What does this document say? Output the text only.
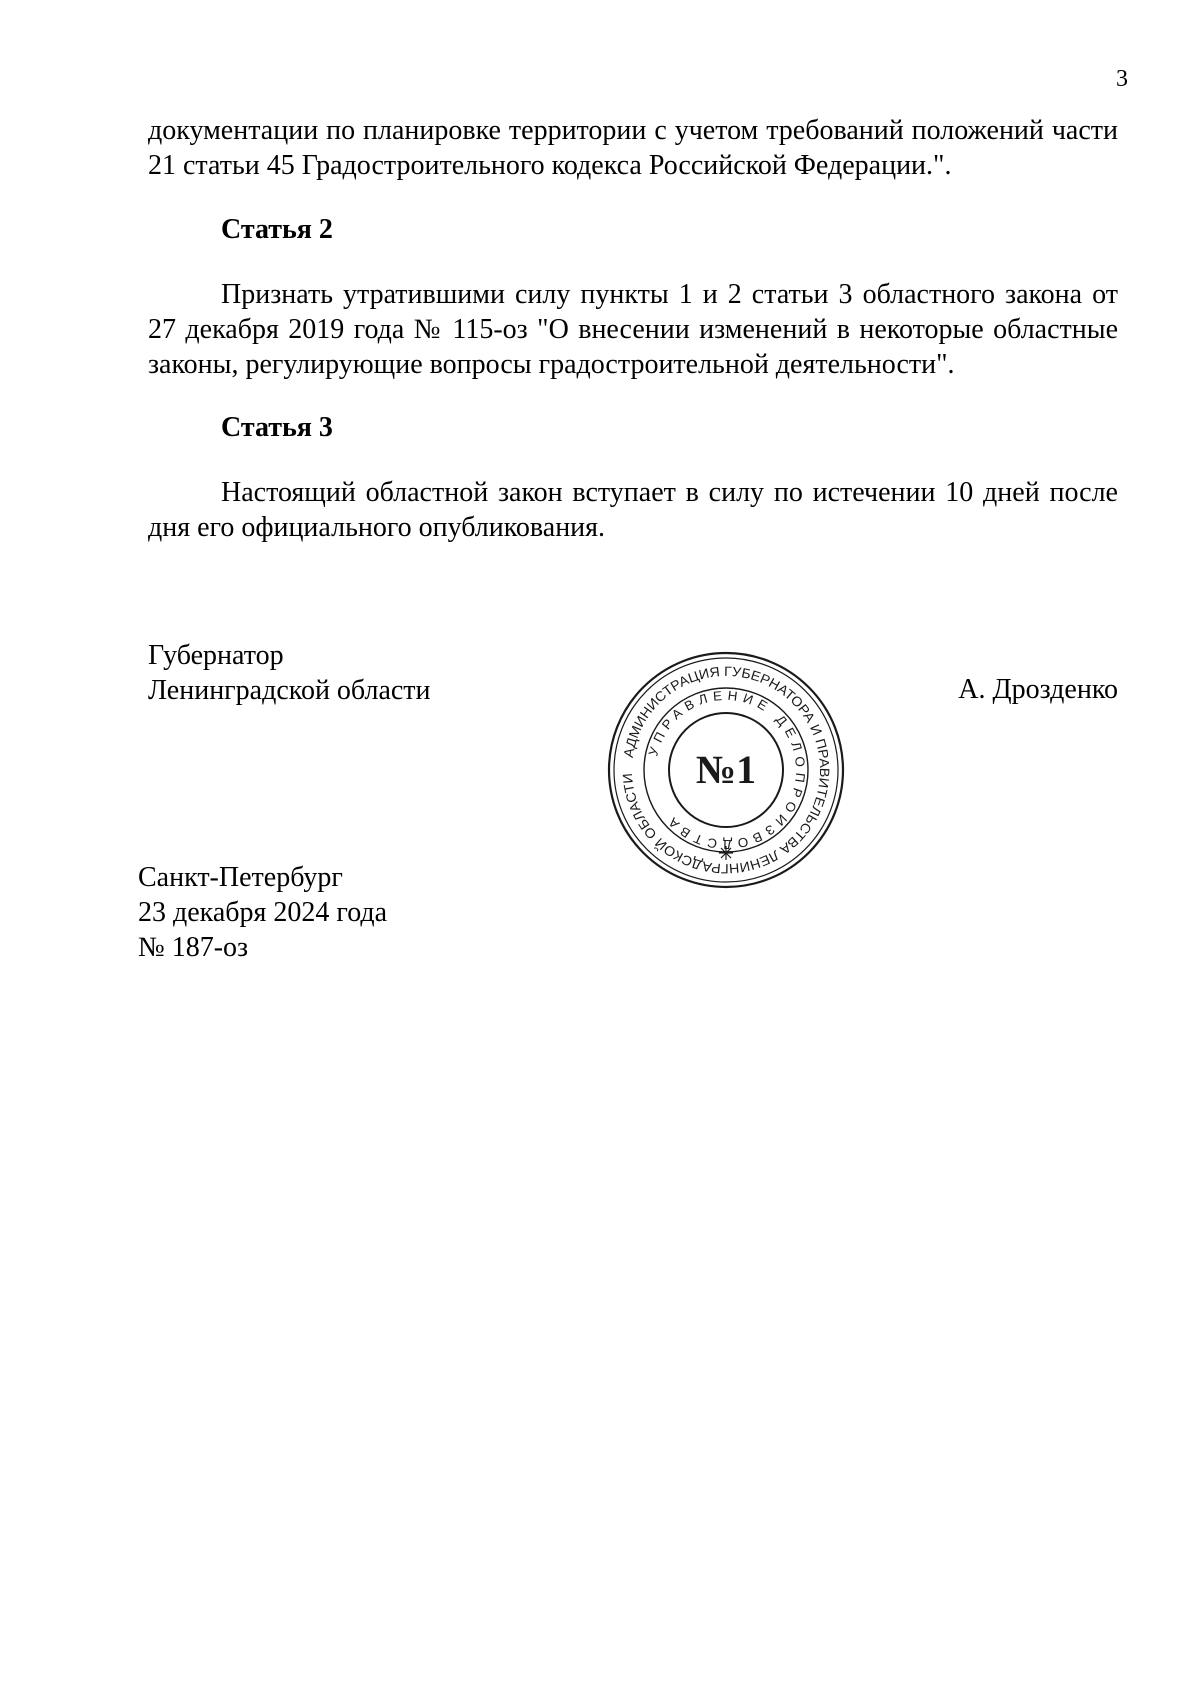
3

документации по планировке территории с учетом требований положений части 21 статьи 45 Градостроительного кодекса Российской Федерации.".

Статья 2

Признать утратившими силу пункты 1 и 2 статьи 3 областного закона от 27 декабря 2019 года № 115-оз "О внесении изменений в некоторые областные законы, регулирующие вопросы градостроительной деятельности".

Статья 3

Настоящий областной закон вступает в силу по истечении 10 дней после дня его официального опубликования.

Губернатор
Ленинградской области	А. Дрозденко
АДМИНИСТРАЦИЯ ГУБЕРНАТОРА И ПРАВИТЕЛЬСТВА ЛЕНИНГРАДСКОЙ ОБЛАСТИ
УПРАВЛЕНИЕ ДЕЛОПРОИЗВОДСТВА
№1
Санкт-Петербург
23 декабря 2024 года
№ 187-оз
